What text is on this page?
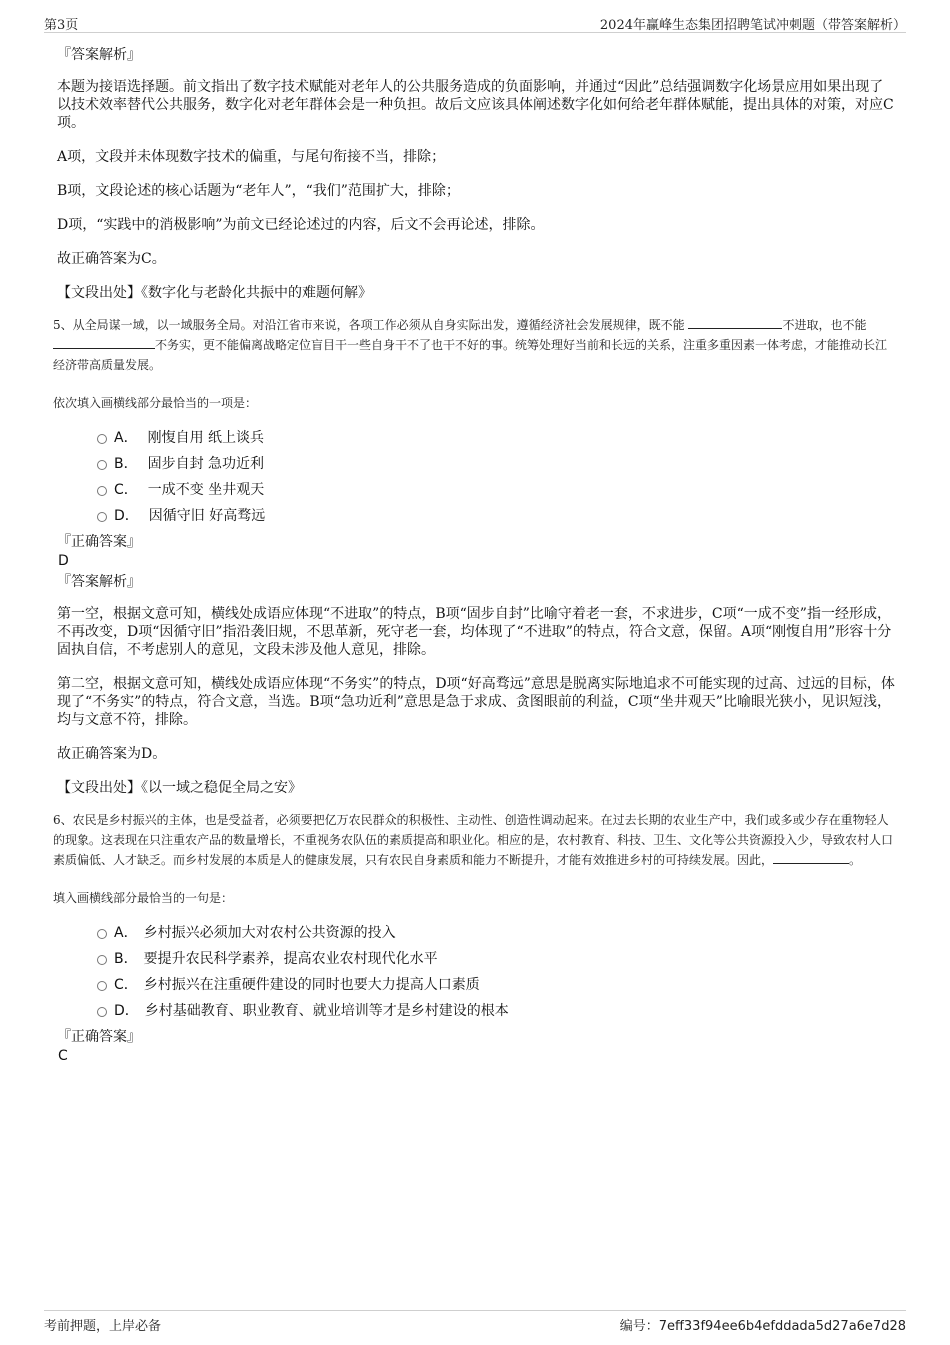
第3页	2024年赢峰生态集团招聘笔试冲刺题（带答案解析）

『答案解析』

本题为接语选择题。前文指出了数字技术赋能对老年人的公共服务造成的负面影响，并通过“因此”总结强调数字化场景应用如果出现了以技术效率替代公共服务，数字化对老年群体会是一种负担。故后文应该具体阐述数字化如何给老年群体赋能，提出具体的对策，对应C项。

A项，文段并未体现数字技术的偏重，与尾句衔接不当，排除；

B项，文段论述的核心话题为“老年人”，“我们”范围扩大，排除；

D项，“实践中的消极影响”为前文已经论述过的内容，后文不会再论述，排除。

故正确答案为C。

【文段出处】《数字化与老龄化共振中的难题何解》

5、从全局谋一域，以一域服务全局。对沿江省市来说，各项工作必须从自身实际出发，遵循经济社会发展规律，既不能	不进取，也不能 不务实，更不能偏离战略定位盲目干一些自身干不了也干不好的事。统筹处理好当前和长远的关系，注重多重因素一体考虑，才能推动长江经济带高质量发展。

依次填入画横线部分最恰当的一项是：

A． 刚愎自用 纸上谈兵
B． 固步自封 急功近利
C． 一成不变 坐井观天
D． 因循守旧 好高骛远

『正确答案』

D

『答案解析』

第一空，根据文意可知，横线处成语应体现“不进取”的特点，B项“固步自封”比喻守着老一套，不求进步，C项“一成不变”指一经形成，不再改变，D项“因循守旧”指沿袭旧规，不思革新，死守老一套，均体现了“不进取”的特点，符合文意，保留。A项“刚愎自用”形容十分固执自信，不考虑别人的意见，文段未涉及他人意见，排除。

第二空，根据文意可知，横线处成语应体现“不务实”的特点，D项“好高骛远”意思是脱离实际地追求不可能实现的过高、过远的目标，体现了“不务实”的特点，符合文意，当选。B项“急功近利”意思是急于求成、贪图眼前的利益，C项“坐井观天”比喻眼光狭小，见识短浅，均与文意不符，排除。

故正确答案为D。

【文段出处】《以一域之稳促全局之安》

6、农民是乡村振兴的主体，也是受益者，必须要把亿万农民群众的积极性、主动性、创造性调动起来。在过去长期的农业生产中，我们或多或少存在重物轻人的现象。这表现在只注重农产品的数量增长，不重视务农队伍的素质提高和职业化。相应的是，农村教育、科技、卫生、文化等公共资源投入少，导致农村人口素质偏低、人才缺乏。而乡村发展的本质是人的健康发展，只有农民自身素质和能力不断提升，才能有效推进乡村的可持续发展。因此，	。

填入画横线部分最恰当的一句是：

A． 乡村振兴必须加大对农村公共资源的投入
B． 要提升农民科学素养，提高农业农村现代化水平
C． 乡村振兴在注重硬件建设的同时也要大力提高人口素质
D． 乡村基础教育、职业教育、就业培训等才是乡村建设的根本

『正确答案』

C

考前押题，上岸必备	编号：7eff33f94ee6b4efddada5d27a6e7d28
